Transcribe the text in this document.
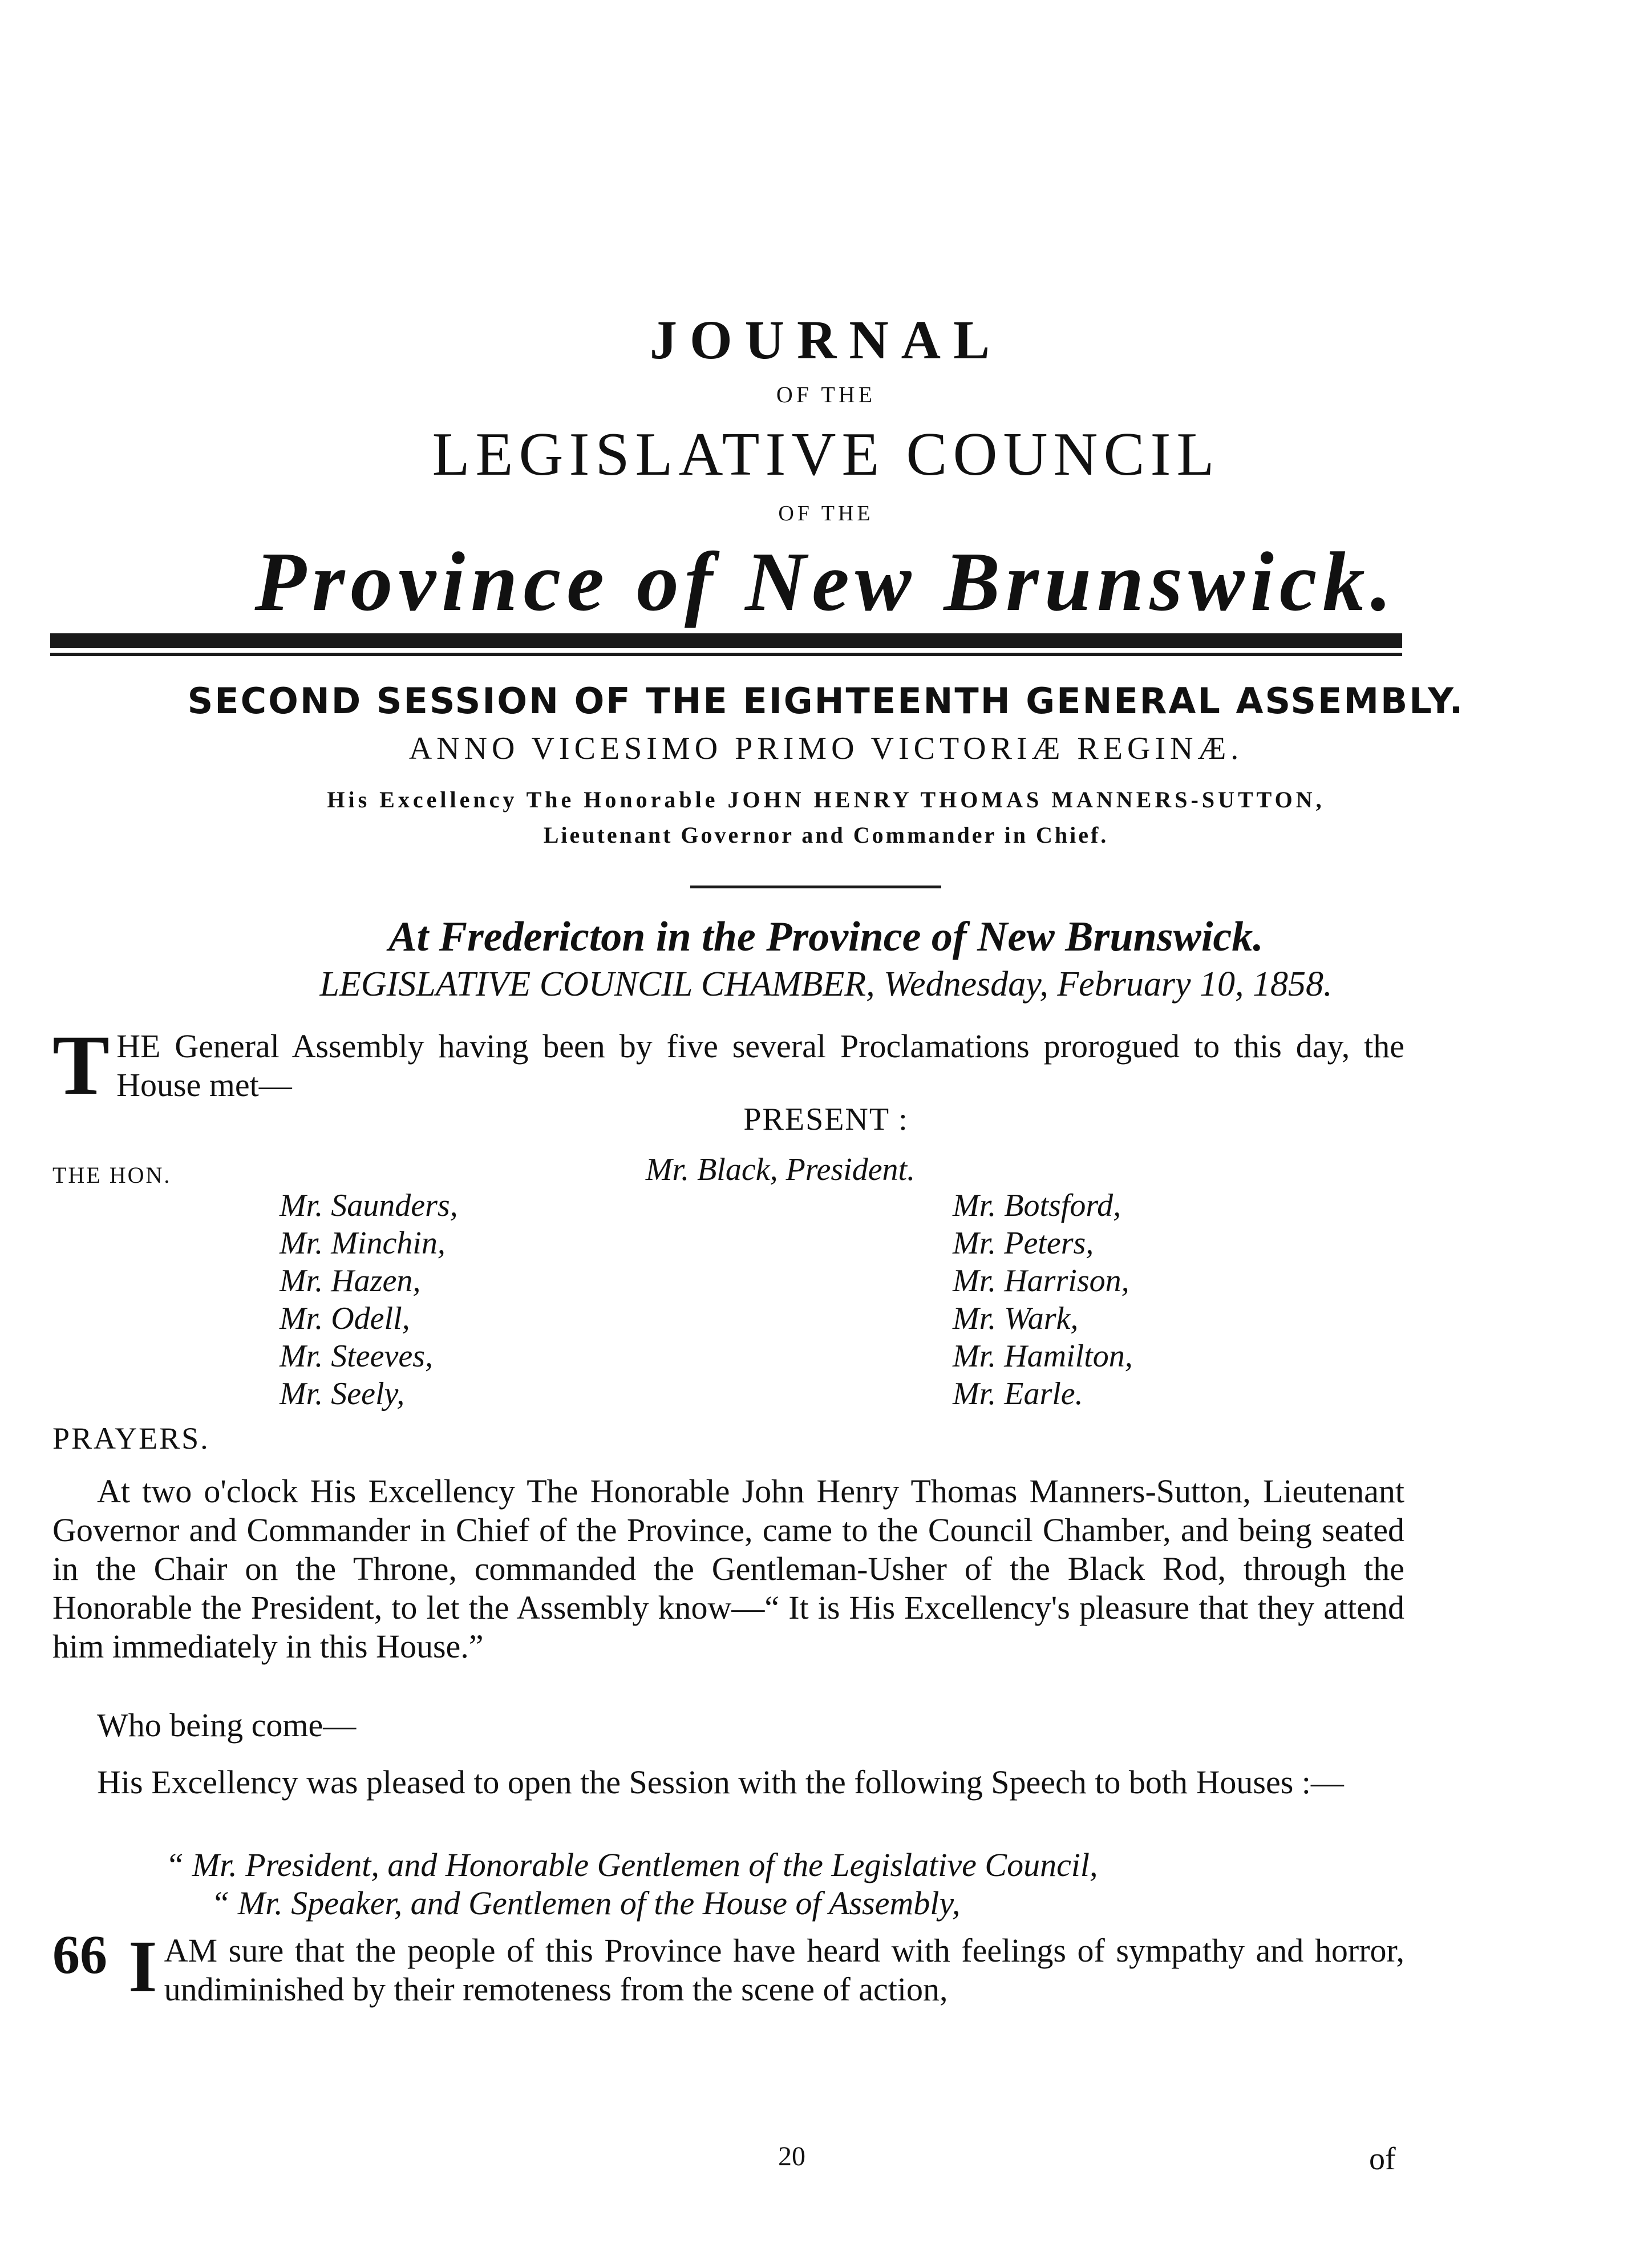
JOURNAL
OF THE
LEGISLATIVE COUNCIL
OF THE
Province of New Brunswick.
SECOND SESSION OF THE EIGHTEENTH GENERAL ASSEMBLY.
ANNO VICESIMO PRIMO VICTORIÆ REGINÆ.
His Excellency The Honorable JOHN HENRY THOMAS MANNERS-SUTTON,
Lieutenant Governor and Commander in Chief.
At Fredericton in the Province of New Brunswick.
LEGISLATIVE COUNCIL CHAMBER, Wednesday, February 10, 1858.
T HE General Assembly having been by five several Proclamations prorogued to this day, the House met—
PRESENT :
THE HON.	Mr. Black, President.
Mr. Saunders,
Mr. Minchin,
Mr. Hazen,
Mr. Odell,
Mr. Steeves,
Mr. Seely,
Mr. Botsford,
Mr. Peters,
Mr. Harrison,
Mr. Wark,
Mr. Hamilton,
Mr. Earle.
PRAYERS.
At two o'clock His Excellency The Honorable John Henry Thomas Manners-Sutton, Lieutenant Governor and Commander in Chief of the Province, came to the Council Chamber, and being seated in the Chair on the Throne, commanded the Gentleman-Usher of the Black Rod, through the Honorable the President, to let the Assembly know—“ It is His Excellency's pleasure that they attend him immediately in this House.”
Who being come—
His Excellency was pleased to open the Session with the following Speech to both Houses :—
“ Mr. President, and Honorable Gentlemen of the Legislative Council,
“ Mr. Speaker, and Gentlemen of the House of Assembly,
66 I AM sure that the people of this Province have heard with feelings of sympathy and horror, undiminished by their remoteness from the scene of action,
20	of
